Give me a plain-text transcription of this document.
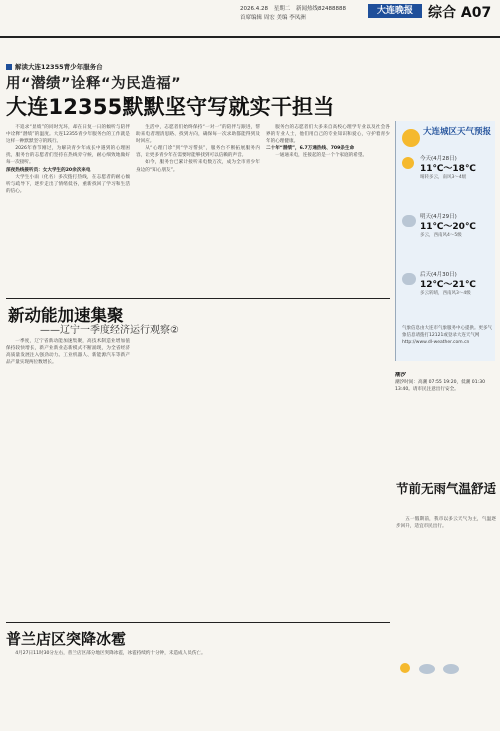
2026.4.28 星期二 新闻热线82488888
首席编辑 周宏 美编 李凤洲
大连晚报	综合 A07
解读大连12355青少年服务台
用“潜绩”诠释“为民造福”
大连12355默默坚守写就实干担当

不追求“显绩”的同时光环，却在日复一日的倾听与陪伴中诠释“潜绩”的温度。大连12355青少年服务台的工作就是这样一种默默坚守的践行。

2026年春节刚过，为解决青少年成长中遇到的心理困扰，服务台的志愿者们坚持在热线旁守候，耐心细致地做好每一次接听。

深夜热线接听员：女大学生的20余次来电

大学生小雨（化名）多次拨打热线，在志愿者的耐心倾听与疏导下，逐步走出了情绪低谷，重新找回了学习和生活的信心。

生活中，志愿者们始终保持“一对一”的陪伴与跟进，帮助来电者理清思路、找到方向，确保每一次求助都能得到及时回应。

从“心理门诊”到“学习帮扶”，服务台不断拓展服务内容，让更多青少年在需要时能够找到可以信赖的声音。

如今，服务台已累计接听来电数万次，成为全市青少年身边的“知心朋友”。

服务台的志愿者们大多来自高校心理学专业以及社会各界的专业人士，他们用自己的专业知识和爱心，守护着青少年的心理健康。

二十年“潜绩”，6.7万通热线、709条生命

一通通来电，连接起的是一个个家庭的希望。

大连城区天气预报
今天(4月28日)
11℃～18℃
晴转多云，南风3～4级
明天(4月29日)
11℃～20℃
多云，西南风4～5级
后天(4月30日)
12℃～21℃
多云转晴，西南风3～4级
气象信息由大连市气象服务中心提供。更多气象信息请拨打12121或登录大连天气网 http://www.dl-weather.com.cn
潮汐
潮汐时间：高潮 07:55 19:20，低潮 01:30 13:40。请市民注意出行安全。
新动能加速集聚
——辽宁一季度经济运行观察②

一季度，辽宁省新动能加速集聚，高技术制造业增加值保持较快增长，新产业新业态新模式不断涌现，为全省经济高质量发展注入强劲动力。工业机器人、新能源汽车等新产品产量实现两位数增长。

节前无雨气温舒适

五一假期前，我市以多云天气为主，气温逐步回升，适宜市民出行。

普兰店区突降冰雹

4月27日11时30分左右，普兰店区部分地区突降冰雹，冰雹持续约十分钟，未造成人员伤亡。
